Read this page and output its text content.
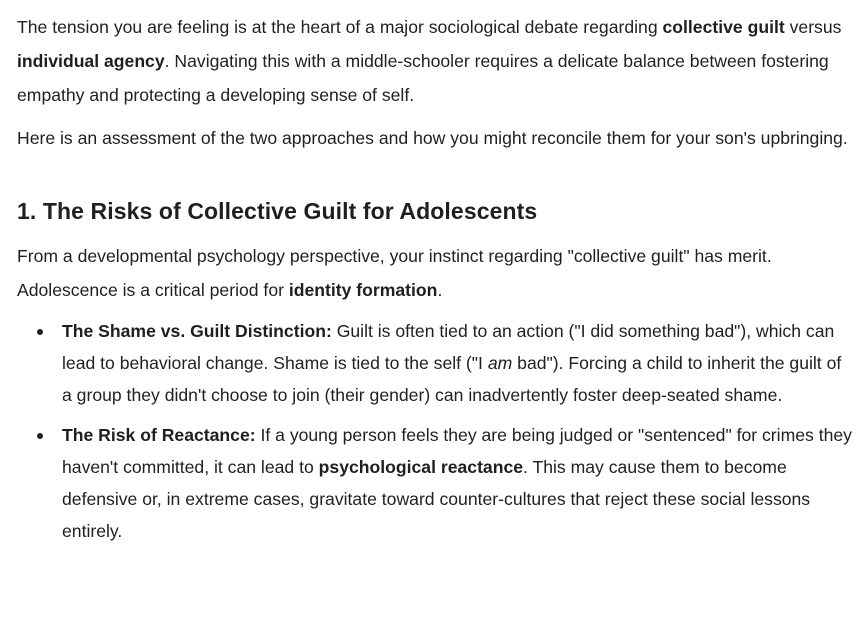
The tension you are feeling is at the heart of a major sociological debate regarding collective guilt versus individual agency. Navigating this with a middle-schooler requires a delicate balance between fostering empathy and protecting a developing sense of self.

Here is an assessment of the two approaches and how you might reconcile them for your son's upbringing.

1. The Risks of Collective Guilt for Adolescents

From a developmental psychology perspective, your instinct regarding "collective guilt" has merit. Adolescence is a critical period for identity formation.

The Shame vs. Guilt Distinction: Guilt is often tied to an action ("I did something bad"), which can lead to behavioral change. Shame is tied to the self ("I am bad"). Forcing a child to inherit the guilt of a group they didn't choose to join (their gender) can inadvertently foster deep-seated shame.
The Risk of Reactance: If a young person feels they are being judged or "sentenced" for crimes they haven't committed, it can lead to psychological reactance. This may cause them to become defensive or, in extreme cases, gravitate toward counter-cultures that reject these social lessons entirely.
